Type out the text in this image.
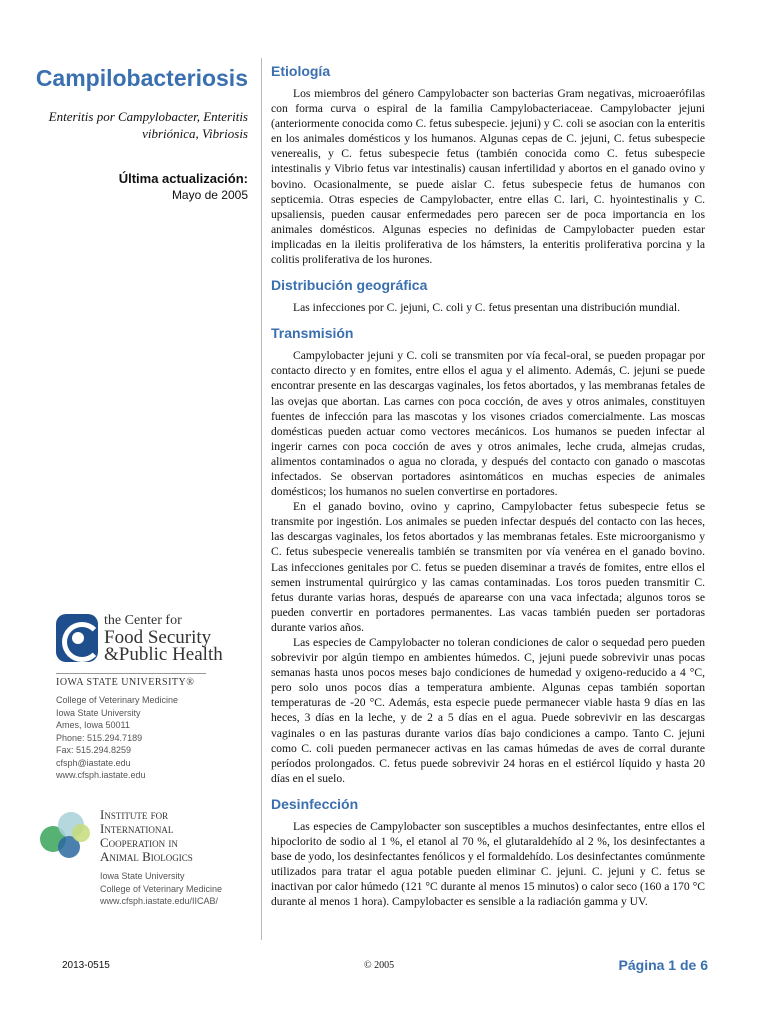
Campilobacteriosis
Enteritis por Campylobacter, Enteritis vibriónica, Vibriosis
Última actualización:
Mayo de 2005
the Center for
Food Security
&Public Health
IOWA STATE UNIVERSITY®
College of Veterinary Medicine
Iowa State University
Ames, Iowa 50011
Phone: 515.294.7189
Fax: 515.294.8259
cfsph@iastate.edu
www.cfsph.iastate.edu
Institute for
International
Cooperation in
Animal Biologics
Iowa State University
College of Veterinary Medicine
www.cfsph.iastate.edu/IICAB/
Etiología

Los miembros del género Campylobacter son bacterias Gram negativas, microaerófilas con forma curva o espiral de la familia Campylobacteriaceae. Campylobacter jejuni (anteriormente conocida como C. fetus subespecie. jejuni) y C. coli se asocian con la enteritis en los animales domésticos y los humanos. Algunas cepas de C. jejuni, C. fetus subespecie venerealis, y C. fetus subespecie fetus (también conocida como C. fetus subespecie intestinalis y Vibrio fetus var intestinalis) causan infertilidad y abortos en el ganado ovino y bovino. Ocasionalmente, se puede aislar C. fetus subespecie fetus de humanos con septicemia. Otras especies de Campylobacter, entre ellas C. lari, C. hyointestinalis y C. upsaliensis, pueden causar enfermedades pero parecen ser de poca importancia en los animales domésticos. Algunas especies no definidas de Campylobacter pueden estar implicadas en la ileitis proliferativa de los hámsters, la enteritis proliferativa porcina y la colitis proliferativa de los hurones.

Distribución geográfica

Las infecciones por C. jejuni, C. coli y C. fetus presentan una distribución mundial.

Transmisión

Campylobacter jejuni y C. coli se transmiten por vía fecal-oral, se pueden propagar por contacto directo y en fomites, entre ellos el agua y el alimento. Además, C. jejuni se puede encontrar presente en las descargas vaginales, los fetos abortados, y las membranas fetales de las ovejas que abortan. Las carnes con poca cocción, de aves y otros animales, constituyen fuentes de infección para las mascotas y los visones criados comercialmente. Las moscas domésticas pueden actuar como vectores mecánicos. Los humanos se pueden infectar al ingerir carnes con poca cocción de aves y otros animales, leche cruda, almejas crudas, alimentos contaminados o agua no clorada, y después del contacto con ganado o mascotas infectados. Se observan portadores asintomáticos en muchas especies de animales domésticos; los humanos no suelen convertirse en portadores.

En el ganado bovino, ovino y caprino, Campylobacter fetus subespecie fetus se transmite por ingestión. Los animales se pueden infectar después del contacto con las heces, las descargas vaginales, los fetos abortados y las membranas fetales. Este microorganismo y C. fetus subespecie venerealis también se transmiten por vía venérea en el ganado bovino. Las infecciones genitales por C. fetus se pueden diseminar a través de fomites, entre ellos el semen instrumental quirúrgico y las camas contaminadas. Los toros pueden transmitir C. fetus durante varias horas, después de aparearse con una vaca infectada; algunos toros se pueden convertir en portadores permanentes. Las vacas también pueden ser portadoras durante varios años.

Las especies de Campylobacter no toleran condiciones de calor o sequedad pero pueden sobrevivir por algún tiempo en ambientes húmedos. C, jejuni puede sobrevivir unas pocas semanas hasta unos pocos meses bajo condiciones de humedad y oxigeno-reducido a 4 °C, pero solo unos pocos días a temperatura ambiente. Algunas cepas también soportan temperaturas de -20 °C. Además, esta especie puede permanecer viable hasta 9 días en las heces, 3 días en la leche, y de 2 a 5 días en el agua. Puede sobrevivir en las descargas vaginales o en las pasturas durante varios días bajo condiciones a campo. Tanto C. jejuni como C. coli pueden permanecer activas en las camas húmedas de aves de corral durante períodos prolongados. C. fetus puede sobrevivir 24 horas en el estiércol líquido y hasta 20 días en el suelo.

Desinfección

Las especies de Campylobacter son susceptibles a muchos desinfectantes, entre ellos el hipoclorito de sodio al 1 %, el etanol al 70 %, el glutaraldehído al 2 %, los desinfectantes a base de yodo, los desinfectantes fenólicos y el formaldehído. Los desinfectantes comúnmente utilizados para tratar el agua potable pueden eliminar C. jejuni. C. jejuni y C. fetus se inactivan por calor húmedo (121 °C durante al menos 15 minutos) o calor seco (160 a 170 °C durante al menos 1 hora). Campylobacter es sensible a la radiación gamma y UV.

2013-0515	© 2005	Página 1 de 6
